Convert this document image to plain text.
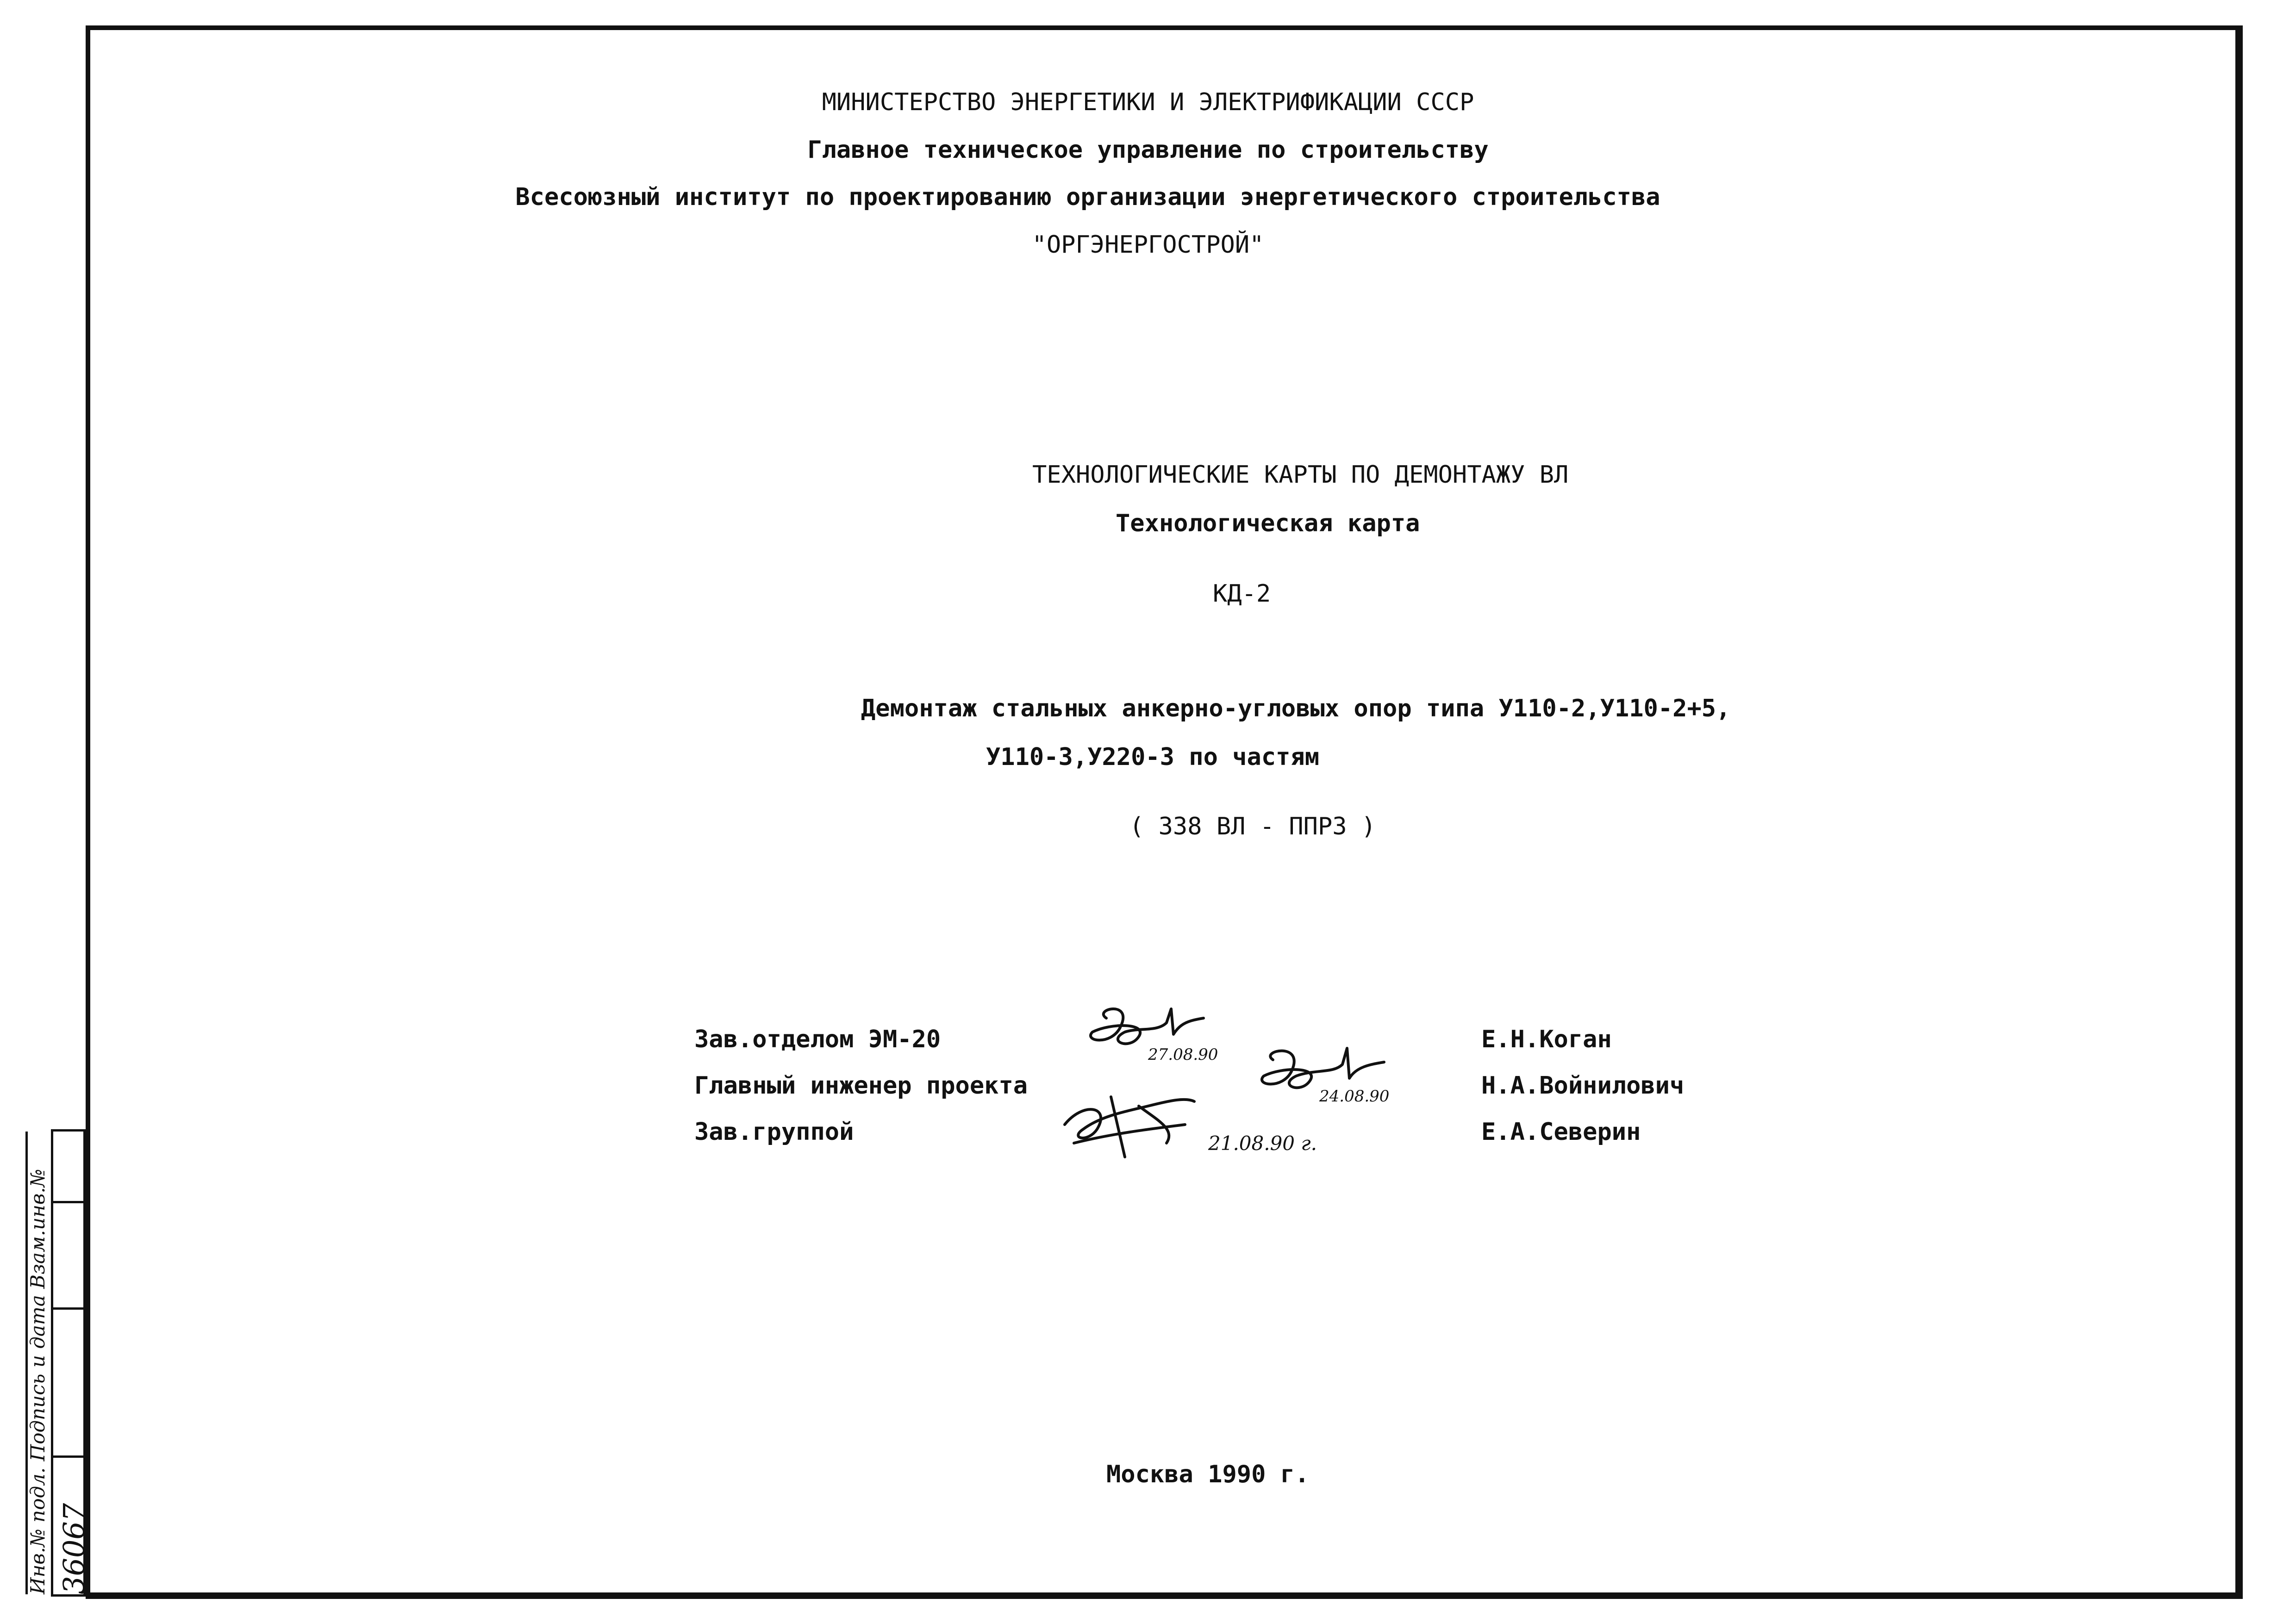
МИНИСТЕРСТВО ЭНЕРГЕТИКИ И ЭЛЕКТРИФИКАЦИИ СССР

Главное техническое управление по строительству

Всесоюзный институт по проектированию организации энергетического строительства

"ОРГЭНЕРГОСТРОЙ"

ТЕХНОЛОГИЧЕСКИЕ КАРТЫ ПО ДЕМОНТАЖУ ВЛ

Технологическая карта

КД-2

Демонтаж стальных анкерно-угловых опор типа У110-2,У110-2+5,

У110-3,У220-3 по частям

( 338 ВЛ - ППР3 )

Зав.отделом ЭМ-20

Главный инженер проекта

Зав.группой

Е.Н.Коган

Н.А.Войнилович

Е.А.Северин

27.08.90
24.08.90
21.08.90 г.

Москва 1990 г.

36067

Инв.№ подл. Подпись и дата Взам.инв.№
